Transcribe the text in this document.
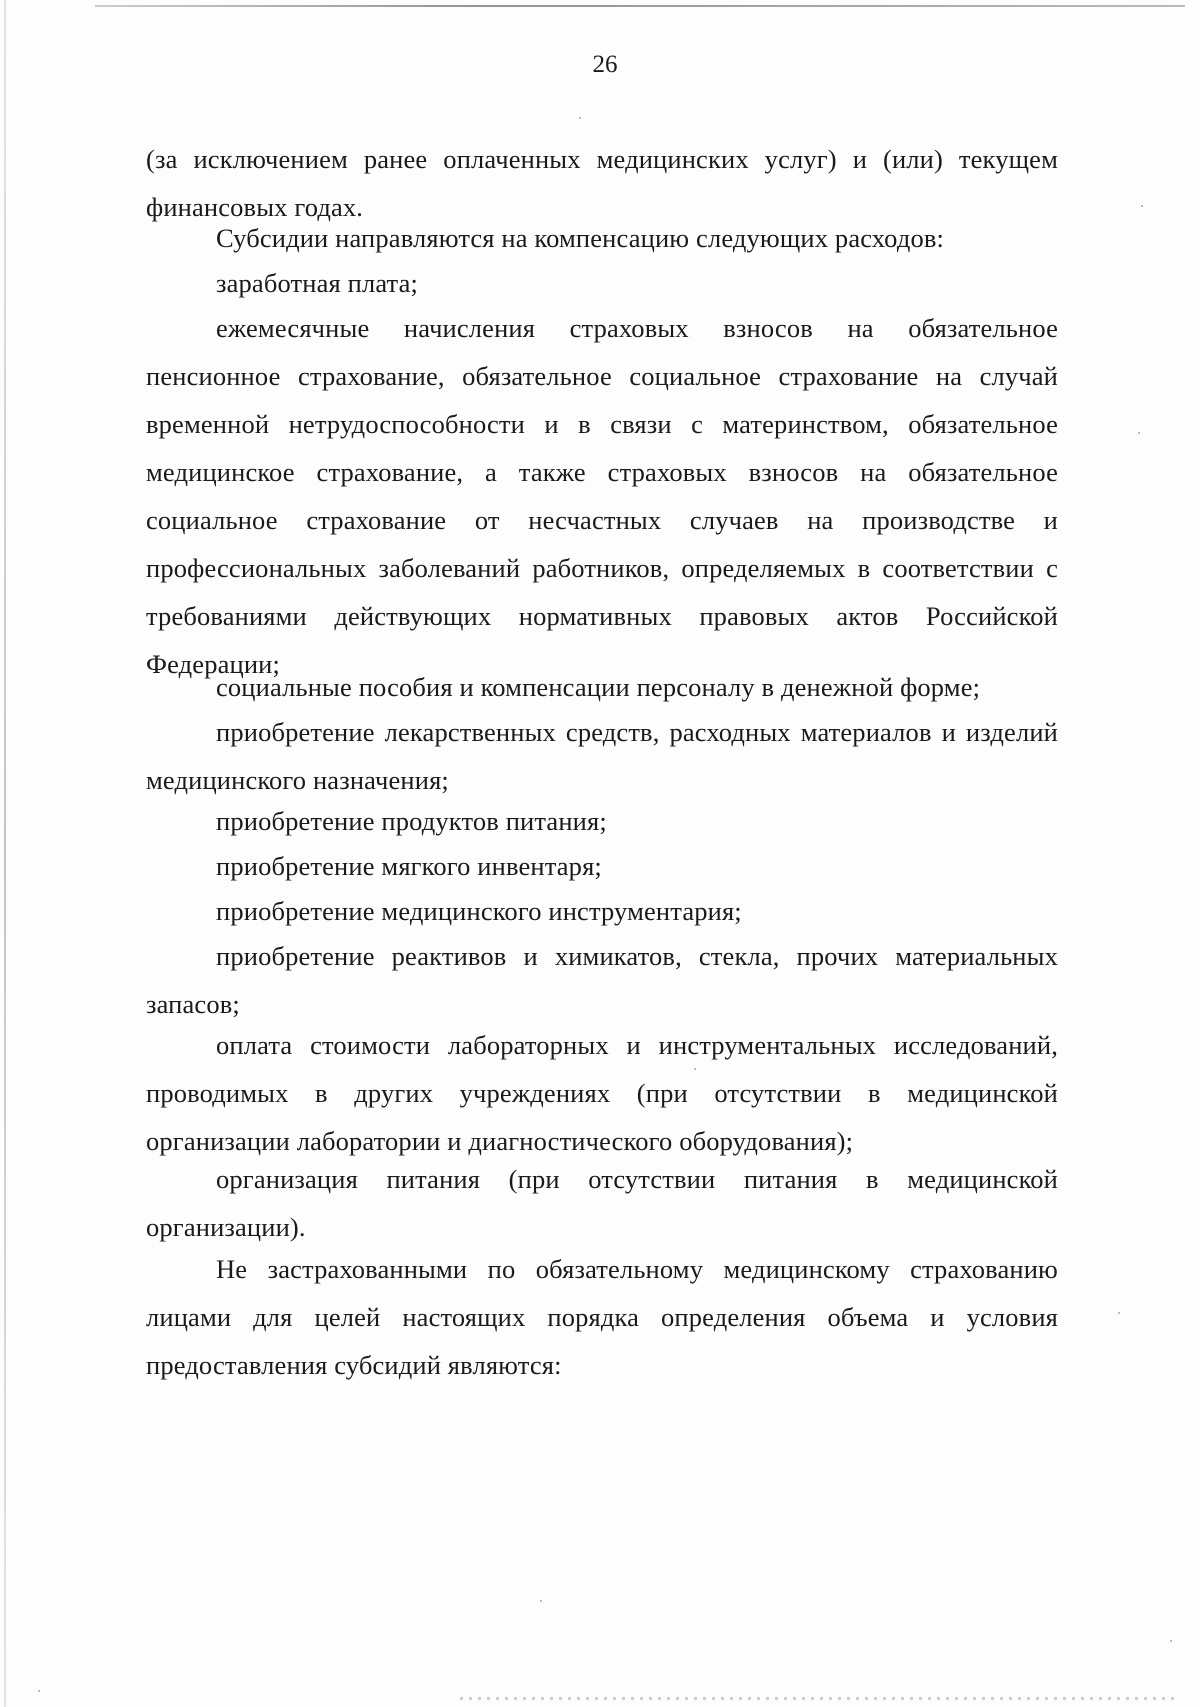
26

(за исключением ранее оплаченных медицинских услуг) и (или) текущем финансовых годах.

Субсидии направляются на компенсацию следующих расходов:

заработная плата;

ежемесячные начисления страховых взносов на обязательное пенсионное страхование, обязательное социальное страхование на случай временной нетрудоспособности и в связи с материнством, обязательное медицинское страхование, а также страховых взносов на обязательное социальное страхование от несчастных случаев на производстве и профессиональных заболеваний работников, определяемых в соответствии с требованиями действующих нормативных правовых актов Российской Федерации;

социальные пособия и компенсации персоналу в денежной форме;

приобретение лекарственных средств, расходных материалов и изделий медицинского назначения;

приобретение продуктов питания;

приобретение мягкого инвентаря;

приобретение медицинского инструментария;

приобретение реактивов и химикатов, стекла, прочих материальных запасов;

оплата стоимости лабораторных и инструментальных исследований, проводимых в других учреждениях (при отсутствии в медицинской организации лаборатории и диагностического оборудования);

организация питания (при отсутствии питания в медицинской организации).

Не застрахованными по обязательному медицинскому страхованию лицами для целей настоящих порядка определения объема и условия предоставления субсидий являются:
